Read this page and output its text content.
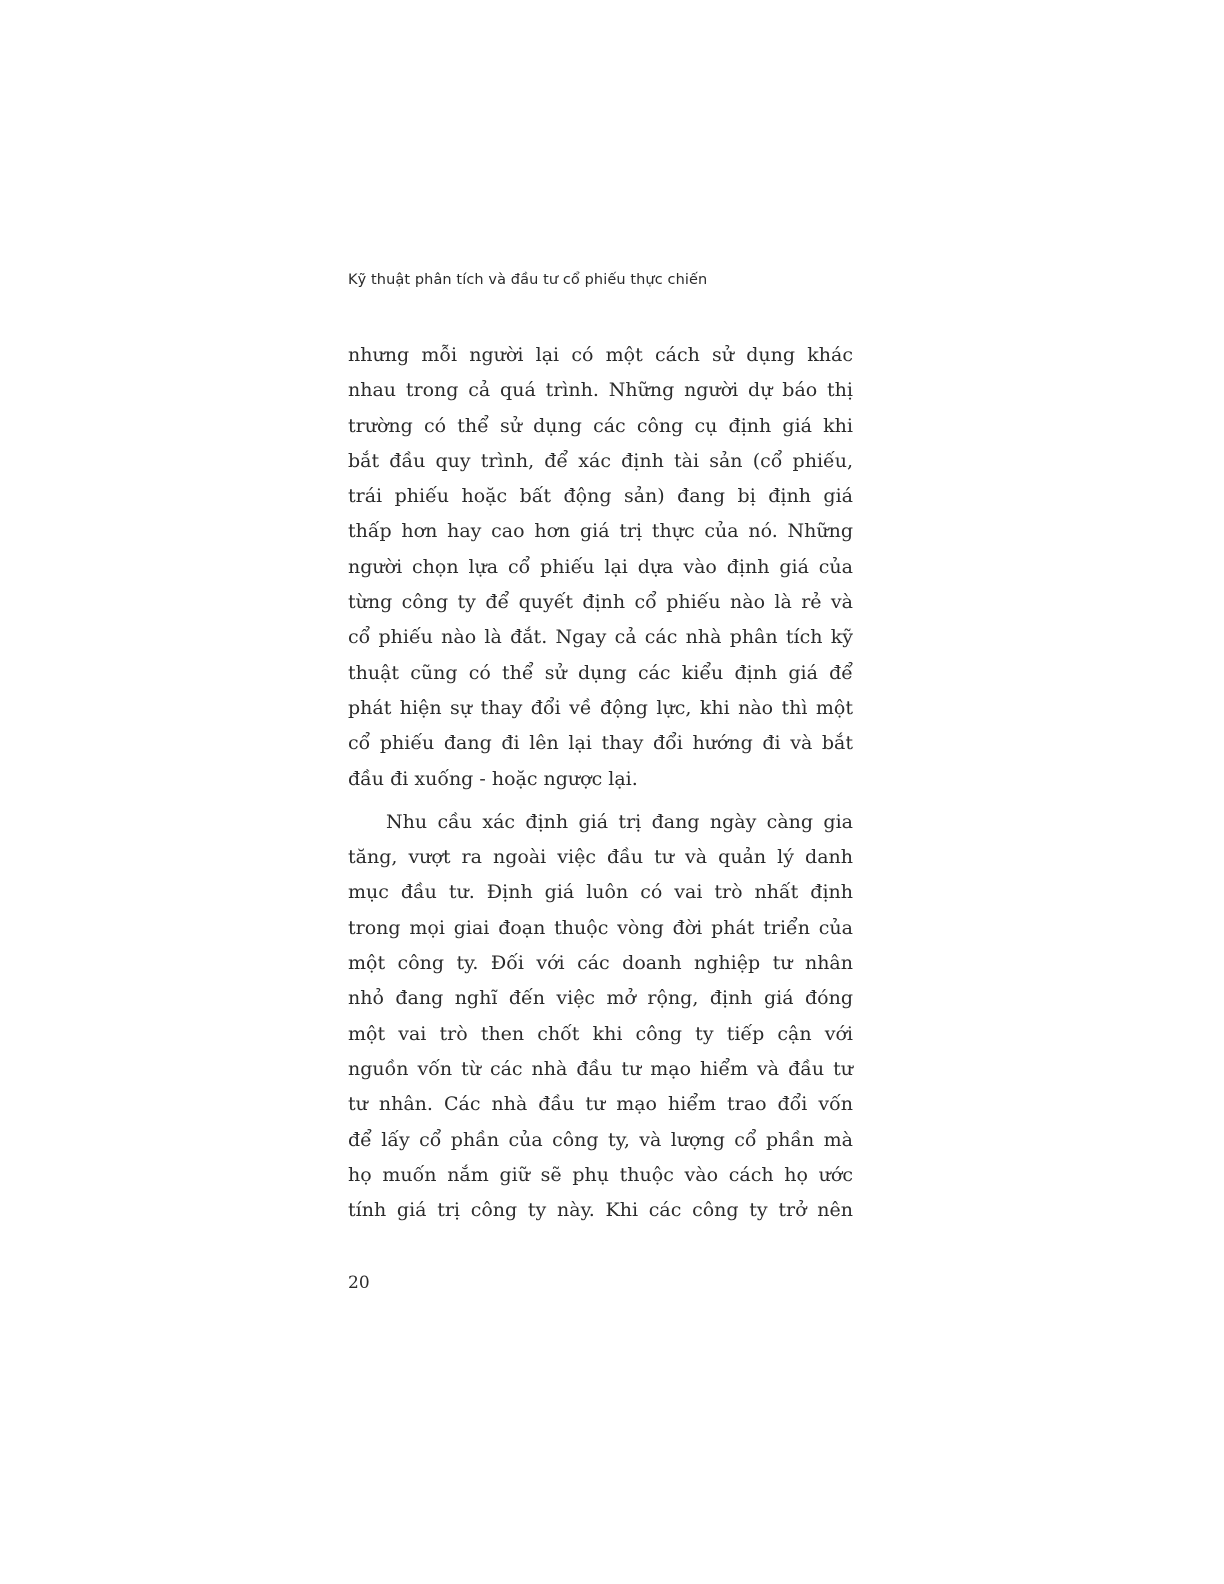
Kỹ thuật phân tích và đầu tư cổ phiếu thực chiến
nhưng mỗi người lại có một cách sử dụng khác
nhau trong cả quá trình. Những người dự báo thị
trường có thể sử dụng các công cụ định giá khi
bắt đầu quy trình, để xác định tài sản (cổ phiếu,
trái phiếu hoặc bất động sản) đang bị định giá
thấp hơn hay cao hơn giá trị thực của nó. Những
người chọn lựa cổ phiếu lại dựa vào định giá của
từng công ty để quyết định cổ phiếu nào là rẻ và
cổ phiếu nào là đắt. Ngay cả các nhà phân tích kỹ
thuật cũng có thể sử dụng các kiểu định giá để
phát hiện sự thay đổi về động lực, khi nào thì một
cổ phiếu đang đi lên lại thay đổi hướng đi và bắt
đầu đi xuống - hoặc ngược lại.
Nhu cầu xác định giá trị đang ngày càng gia
tăng, vượt ra ngoài việc đầu tư và quản lý danh
mục đầu tư. Định giá luôn có vai trò nhất định
trong mọi giai đoạn thuộc vòng đời phát triển của
một công ty. Đối với các doanh nghiệp tư nhân
nhỏ đang nghĩ đến việc mở rộng, định giá đóng
một vai trò then chốt khi công ty tiếp cận với
nguồn vốn từ các nhà đầu tư mạo hiểm và đầu tư
tư nhân. Các nhà đầu tư mạo hiểm trao đổi vốn
để lấy cổ phần của công ty, và lượng cổ phần mà
họ muốn nắm giữ sẽ phụ thuộc vào cách họ ước
tính giá trị công ty này. Khi các công ty trở nên
20
